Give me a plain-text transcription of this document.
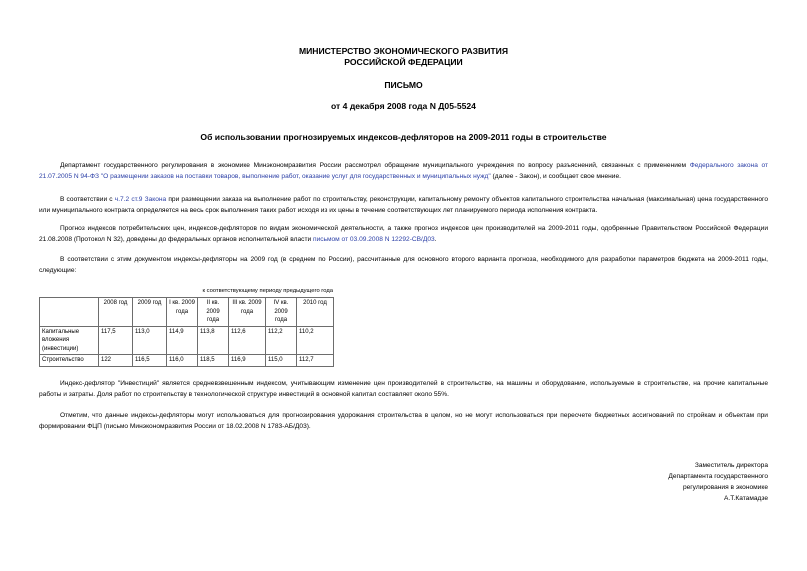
МИНИСТЕРСТВО ЭКОНОМИЧЕСКОГО РАЗВИТИЯ
РОССИЙСКОЙ ФЕДЕРАЦИИ
ПИСЬМО
от 4 декабря 2008 года N Д05-5524
Об использовании прогнозируемых индексов-дефляторов на 2009-2011 годы в строительстве
Департамент государственного регулирования в экономике Минэкономразвития России рассмотрел обращение муниципального учреждения по вопросу разъяснений, связанных с применением Федерального закона от 21.07.2005 N 94-ФЗ "О размещении заказов на поставки товаров, выполнение работ, оказание услуг для государственных и муниципальных нужд" (далее - Закон), и сообщает свое мнение.
В соответствии с ч.7.2 ст.9 Закона при размещении заказа на выполнение работ по строительству, реконструкции, капитальному ремонту объектов капитального строительства начальная (максимальная) цена государственного или муниципального контракта определяется на весь срок выполнения таких работ исходя из их цены в течение соответствующих лет планируемого периода исполнения контракта.
Прогноз индексов потребительских цен, индексов-дефляторов по видам экономической деятельности, а также прогноз индексов цен производителей на 2009-2011 годы, одобренные Правительством Российской Федерации 21.08.2008 (Протокол N 32), доведены до федеральных органов исполнительной власти письмом от 03.09.2008 N 12292-СВ/Д03.
В соответствии с этим документом индексы-дефляторы на 2009 год (в среднем по России), рассчитанные для основного второго варианта прогноза, необходимого для разработки параметров бюджета на 2009-2011 годы, следующие:
к соответствующему периоду предыдущего года
	2008 год	2009 год	I кв. 2009 года	II кв. 2009 года	III кв. 2009 года	IV кв. 2009 года	2010 год
Капитальные вложения (инвестиции)	117,5	113,0	114,9	113,8	112,6	112,2	110,2
Строительство	122	116,5	116,0	118,5	116,9	115,0	112,7
Индекс-дефлятор "Инвестиций" является средневзвешенным индексом, учитывающим изменение цен производителей в строительстве, на машины и оборудование, используемые в строительстве, на прочие капитальные работы и затраты. Доля работ по строительству в технологической структуре инвестиций в основной капитал составляет около 55%.
Отметим, что данные индексы-дефляторы могут использоваться для прогнозирования удорожания строительства в целом, но не могут использоваться при пересчете бюджетных ассигнований по стройкам и объектам при формировании ФЦП (письмо Минэкономразвития России от 18.02.2008 N 1783-АБ/Д03).
Заместитель директора
Департамента государственного
регулирования в экономике
А.Т.Катамадзе
